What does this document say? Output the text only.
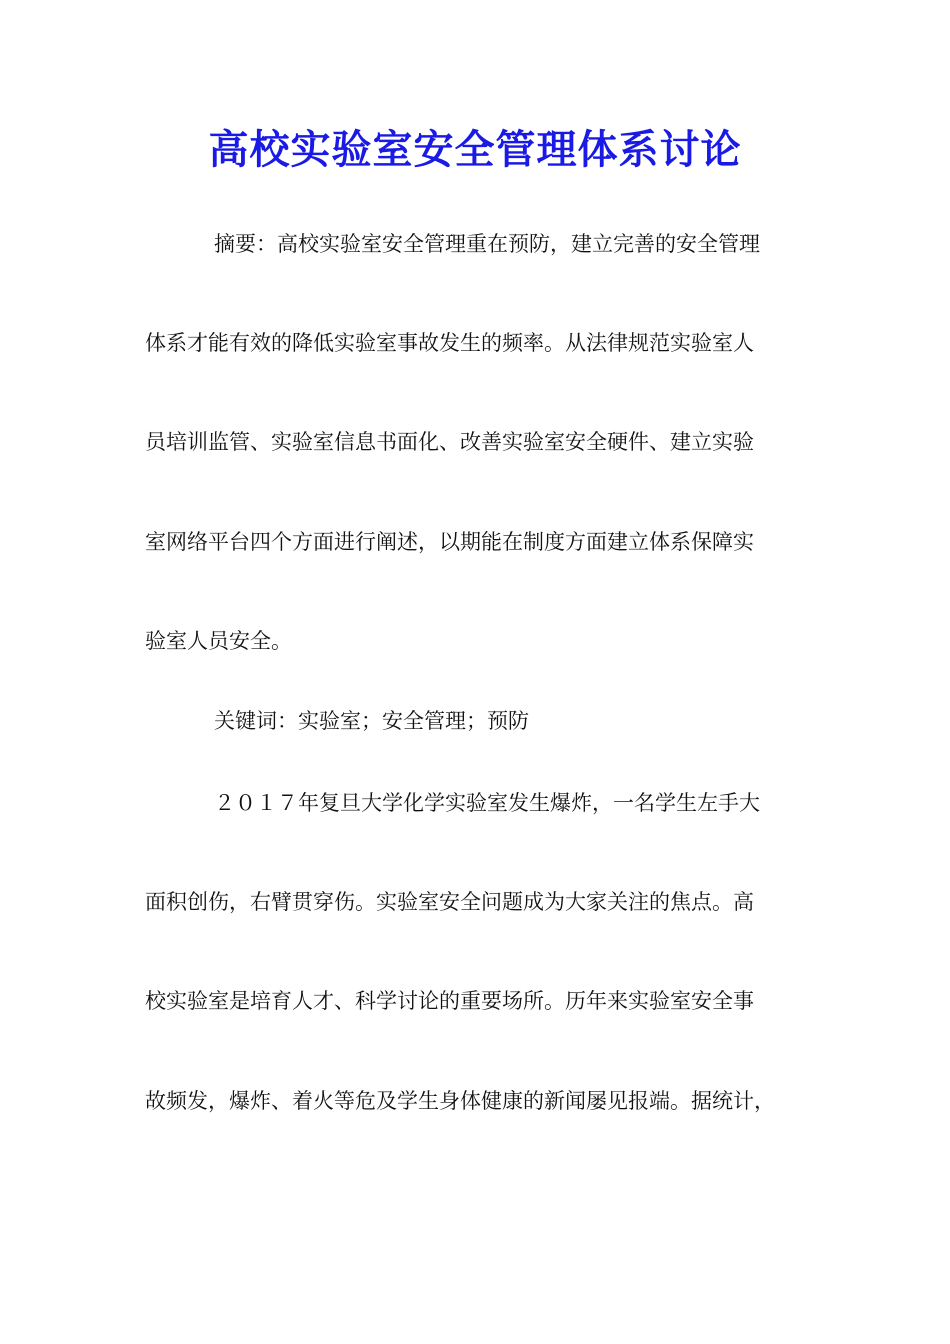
高校实验室安全管理体系讨论
摘要：高校实验室安全管理重在预防，建立完善的安全管理
体系才能有效的降低实验室事故发生的频率。从法律规范实验室人
员培训监管、实验室信息书面化、改善实验室安全硬件、建立实验
室网络平台四个方面进行阐述，以期能在制度方面建立体系保障实
验室人员安全。
关键词：实验室；安全管理；预防
２０１７年复旦大学化学实验室发生爆炸，一名学生左手大
面积创伤，右臂贯穿伤。实验室安全问题成为大家关注的焦点。高
校实验室是培育人才、科学讨论的重要场所。历年来实验室安全事
故频发，爆炸、着火等危及学生身体健康的新闻屡见报端。据统计，
